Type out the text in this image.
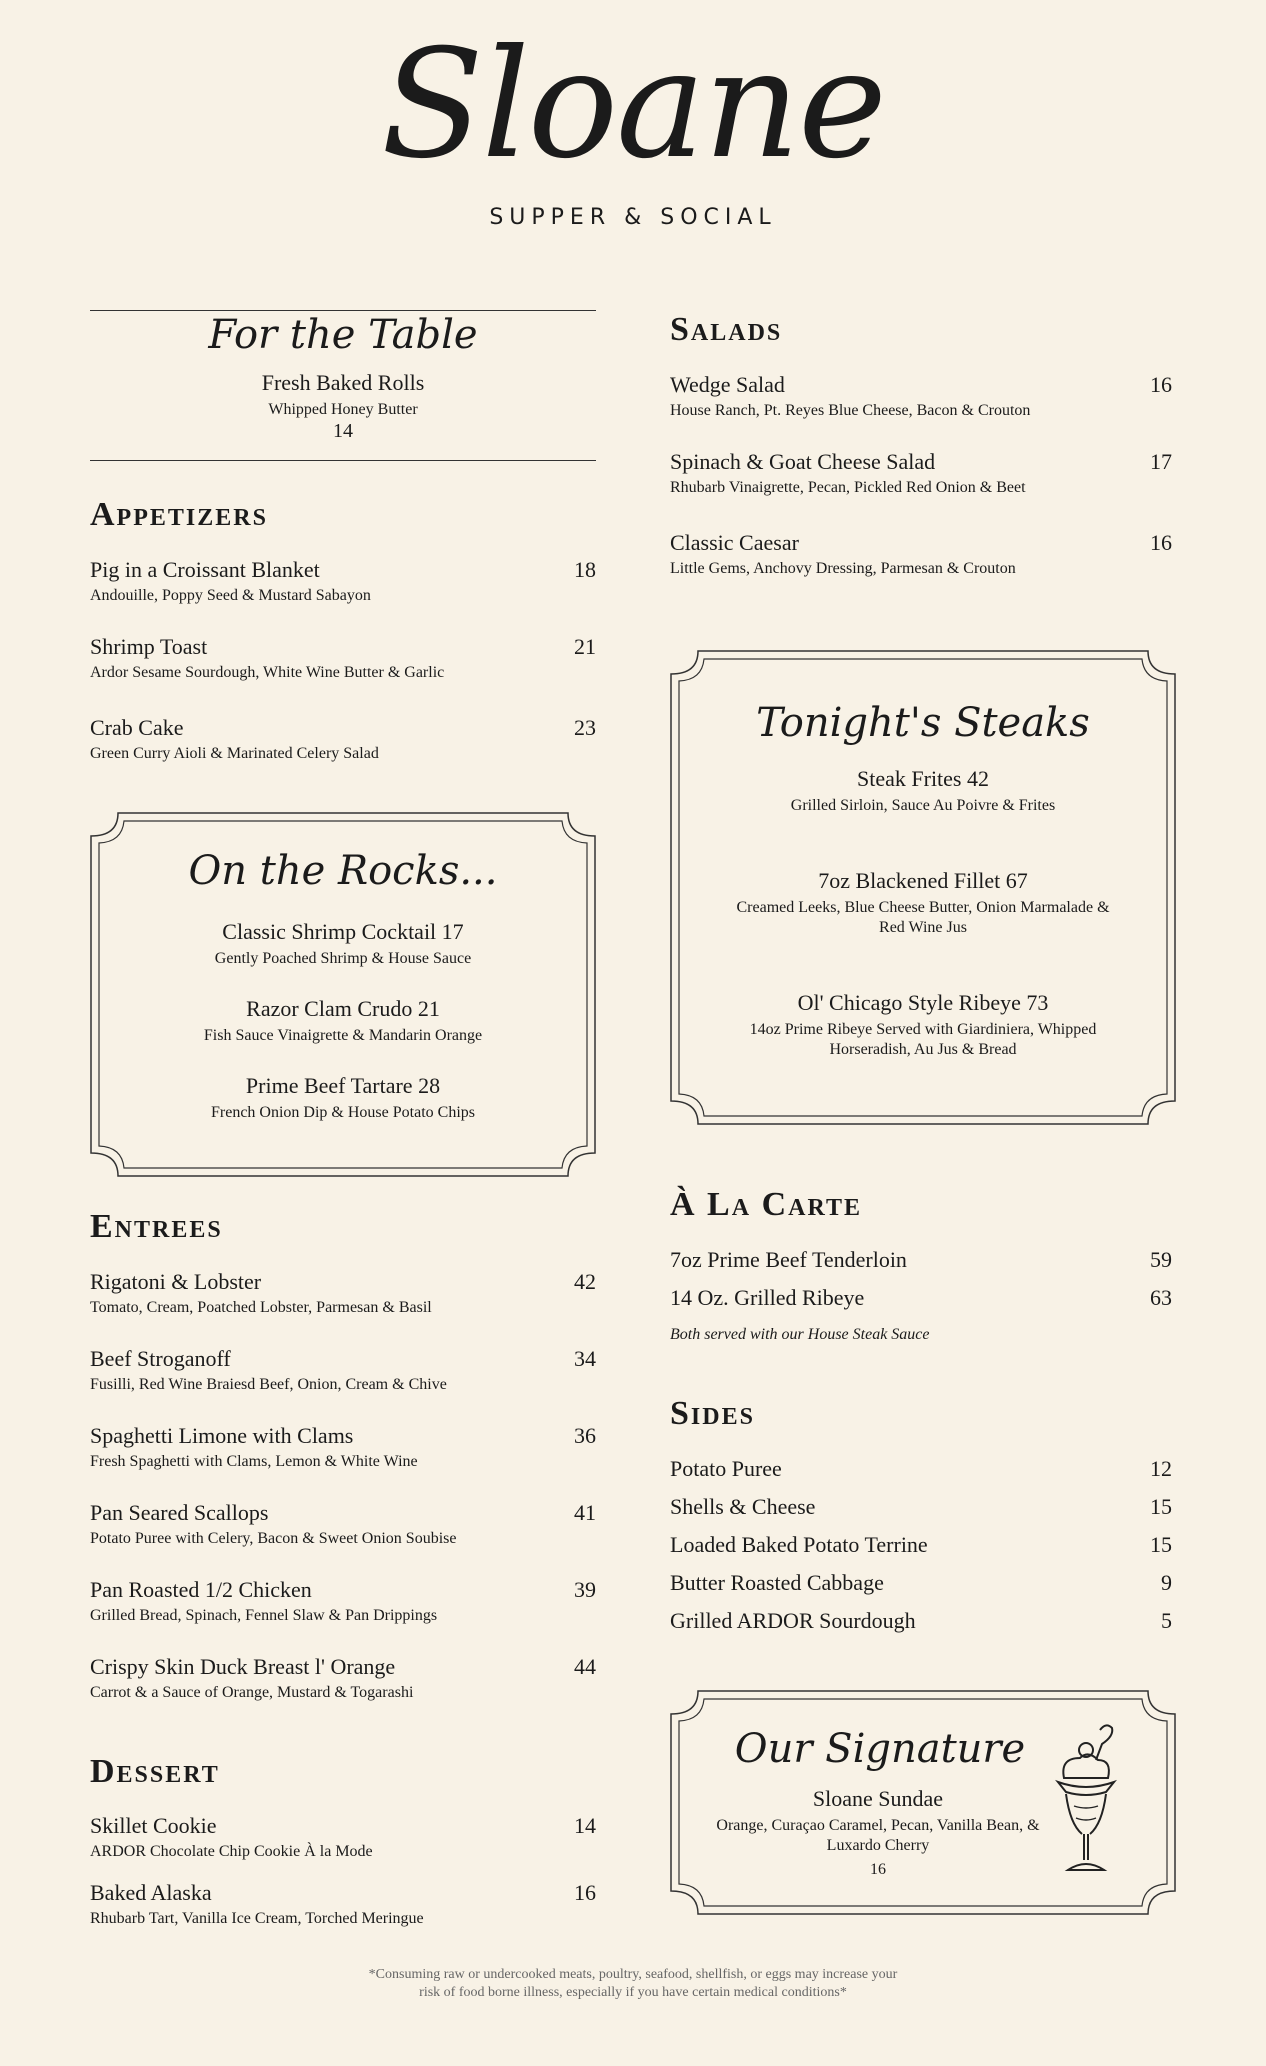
Sloane
SUPPER & SOCIAL
For the Table
Fresh Baked Rolls
Whipped Honey Butter
14
Appetizers
Pig in a Croissant Blanket	18
Andouille, Poppy Seed & Mustard Sabayon
Shrimp Toast	21
Ardor Sesame Sourdough, White Wine Butter & Garlic
Crab Cake	23
Green Curry Aioli & Marinated Celery Salad
On the Rocks...
Classic Shrimp Cocktail 17
Gently Poached Shrimp & House Sauce
Razor Clam Crudo 21
Fish Sauce Vinaigrette & Mandarin Orange
Prime Beef Tartare 28
French Onion Dip & House Potato Chips
Entrees
Rigatoni & Lobster	42
Tomato, Cream, Poatched Lobster, Parmesan & Basil
Beef Stroganoff	34
Fusilli, Red Wine Braiesd Beef, Onion, Cream & Chive
Spaghetti Limone with Clams	36
Fresh Spaghetti with Clams, Lemon & White Wine
Pan Seared Scallops	41
Potato Puree with Celery, Bacon & Sweet Onion Soubise
Pan Roasted 1/2 Chicken	39
Grilled Bread, Spinach, Fennel Slaw & Pan Drippings
Crispy Skin Duck Breast l' Orange	44
Carrot & a Sauce of Orange, Mustard & Togarashi
Dessert
Skillet Cookie	14
ARDOR Chocolate Chip Cookie À la Mode
Baked Alaska	16
Rhubarb Tart, Vanilla Ice Cream, Torched Meringue
Salads
Wedge Salad	16
House Ranch, Pt. Reyes Blue Cheese, Bacon & Crouton
Spinach & Goat Cheese Salad	17
Rhubarb Vinaigrette, Pecan, Pickled Red Onion & Beet
Classic Caesar	16
Little Gems, Anchovy Dressing, Parmesan & Crouton
Tonight's Steaks
Steak Frites 42
Grilled Sirloin, Sauce Au Poivre & Frites
7oz Blackened Fillet 67
Creamed Leeks, Blue Cheese Butter, Onion Marmalade & Red Wine Jus
Ol' Chicago Style Ribeye 73
14oz Prime Ribeye Served with Giardiniera, Whipped Horseradish, Au Jus & Bread
À La Carte
7oz Prime Beef Tenderloin	59
14 Oz. Grilled Ribeye	63
Both served with our House Steak Sauce
Sides
Potato Puree	12
Shells & Cheese	15
Loaded Baked Potato Terrine	15
Butter Roasted Cabbage	9
Grilled ARDOR Sourdough	5
Our Signature
Sloane Sundae
Orange, Curaçao Caramel, Pecan, Vanilla Bean, & Luxardo Cherry
16
*Consuming raw or undercooked meats, poultry, seafood, shellfish, or eggs may increase your
risk of food borne illness, especially if you have certain medical conditions*
